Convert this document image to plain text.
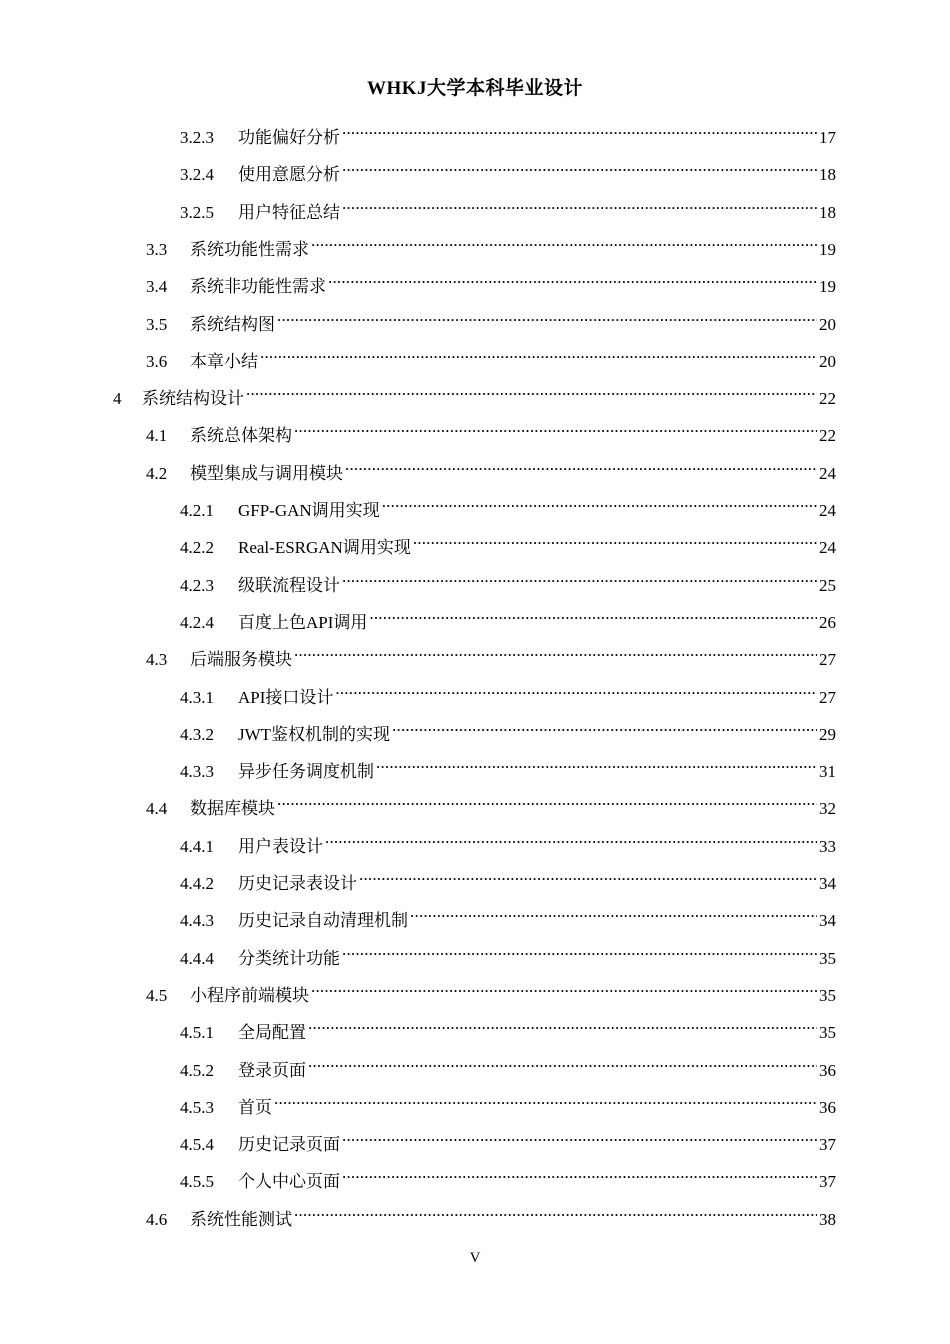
WHKJ大学本科毕业设计
3.2.3	功能偏好分析 .....	17
3.2.4	使用意愿分析 .....	18
3.2.5	用户特征总结 .....	18
3.3	系统功能性需求 .....	19
3.4	系统非功能性需求 .....	19
3.5	系统结构图 .....	20
3.6	本章小结 .....	20
4	系统结构设计 .....	22
4.1	系统总体架构 .....	22
4.2	模型集成与调用模块 .....	24
4.2.1	GFP-GAN调用实现 .....	24
4.2.2	Real-ESRGAN调用实现 .....	24
4.2.3	级联流程设计 .....	25
4.2.4	百度上色API调用 .....	26
4.3	后端服务模块 .....	27
4.3.1	API接口设计 .....	27
4.3.2	JWT鉴权机制的实现 .....	29
4.3.3	异步任务调度机制 .....	31
4.4	数据库模块 .....	32
4.4.1	用户表设计 .....	33
4.4.2	历史记录表设计 .....	34
4.4.3	历史记录自动清理机制 .....	34
4.4.4	分类统计功能 .....	35
4.5	小程序前端模块 .....	35
4.5.1	全局配置 .....	35
4.5.2	登录页面 .....	36
4.5.3	首页 .....	36
4.5.4	历史记录页面 .....	37
4.5.5	个人中心页面 .....	37
4.6	系统性能测试 .....	38
V
